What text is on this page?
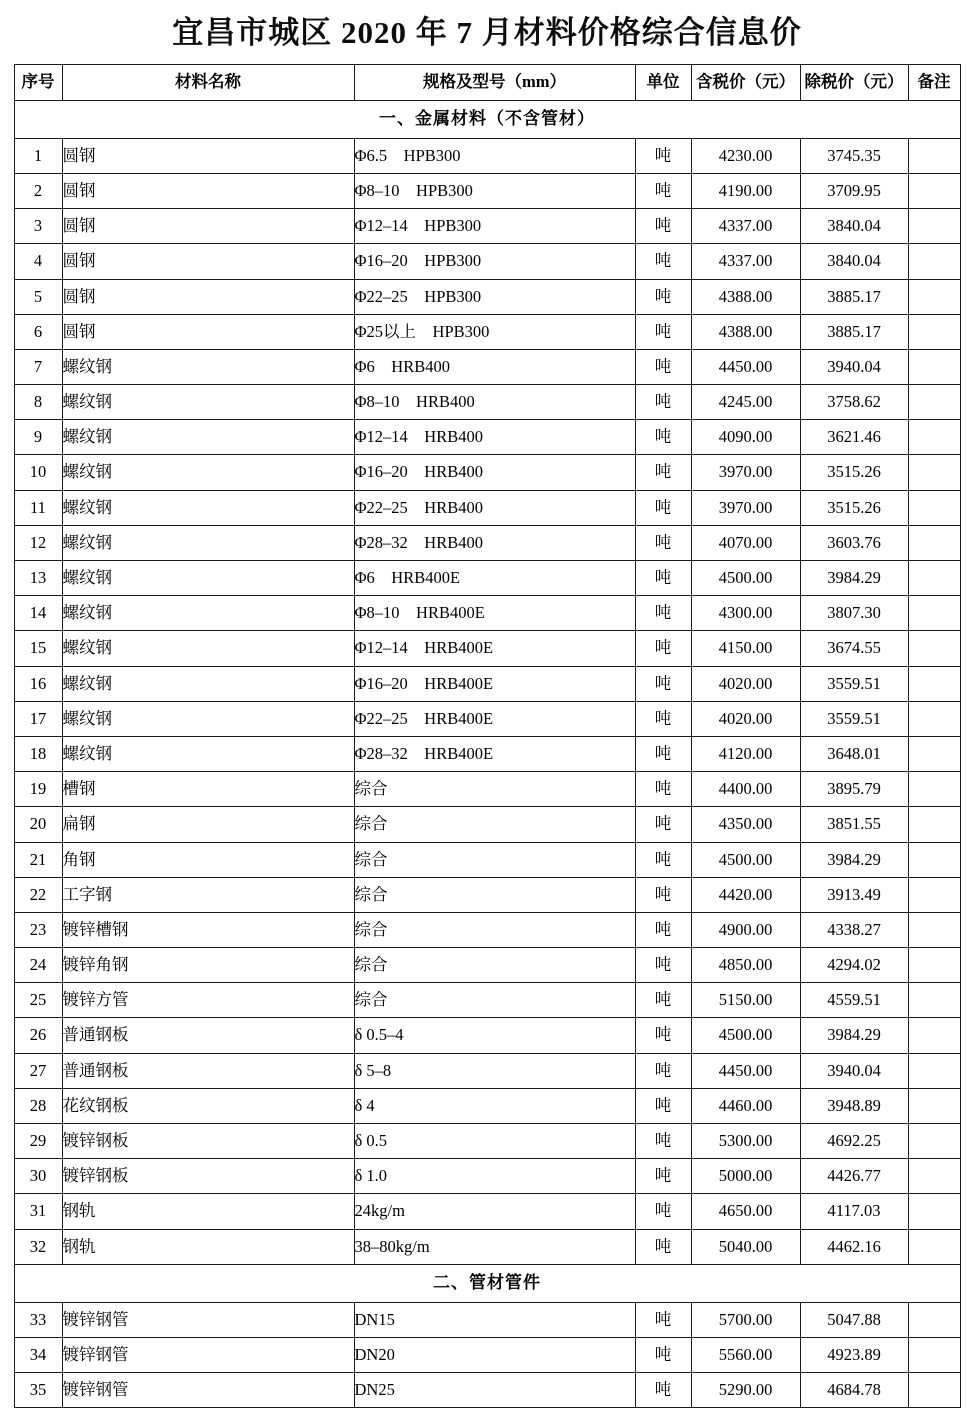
宜昌市城区 2020 年 7 月材料价格综合信息价
序号	材料名称	规格及型号（mm）	单位	含税价（元）	除税价（元）	备注
一、金属材料（不含管材）						
1	圆钢	Φ6.5　HPB300	吨	4230.00	3745.35	
2	圆钢	Φ8–10　HPB300	吨	4190.00	3709.95	
3	圆钢	Φ12–14　HPB300	吨	4337.00	3840.04	
4	圆钢	Φ16–20　HPB300	吨	4337.00	3840.04	
5	圆钢	Φ22–25　HPB300	吨	4388.00	3885.17	
6	圆钢	Φ25以上　HPB300	吨	4388.00	3885.17	
7	螺纹钢	Φ6　HRB400	吨	4450.00	3940.04	
8	螺纹钢	Φ8–10　HRB400	吨	4245.00	3758.62	
9	螺纹钢	Φ12–14　HRB400	吨	4090.00	3621.46	
10	螺纹钢	Φ16–20　HRB400	吨	3970.00	3515.26	
11	螺纹钢	Φ22–25　HRB400	吨	3970.00	3515.26	
12	螺纹钢	Φ28–32　HRB400	吨	4070.00	3603.76	
13	螺纹钢	Φ6　HRB400E	吨	4500.00	3984.29	
14	螺纹钢	Φ8–10　HRB400E	吨	4300.00	3807.30	
15	螺纹钢	Φ12–14　HRB400E	吨	4150.00	3674.55	
16	螺纹钢	Φ16–20　HRB400E	吨	4020.00	3559.51	
17	螺纹钢	Φ22–25　HRB400E	吨	4020.00	3559.51	
18	螺纹钢	Φ28–32　HRB400E	吨	4120.00	3648.01	
19	槽钢	综合	吨	4400.00	3895.79	
20	扁钢	综合	吨	4350.00	3851.55	
21	角钢	综合	吨	4500.00	3984.29	
22	工字钢	综合	吨	4420.00	3913.49	
23	镀锌槽钢	综合	吨	4900.00	4338.27	
24	镀锌角钢	综合	吨	4850.00	4294.02	
25	镀锌方管	综合	吨	5150.00	4559.51	
26	普通钢板	δ 0.5–4	吨	4500.00	3984.29	
27	普通钢板	δ 5–8	吨	4450.00	3940.04	
28	花纹钢板	δ 4	吨	4460.00	3948.89	
29	镀锌钢板	δ 0.5	吨	5300.00	4692.25	
30	镀锌钢板	δ 1.0	吨	5000.00	4426.77	
31	钢轨	24kg/m	吨	4650.00	4117.03	
32	钢轨	38–80kg/m	吨	5040.00	4462.16	
二、管材管件						
33	镀锌钢管	DN15	吨	5700.00	5047.88	
34	镀锌钢管	DN20	吨	5560.00	4923.89	
35	镀锌钢管	DN25	吨	5290.00	4684.78	
